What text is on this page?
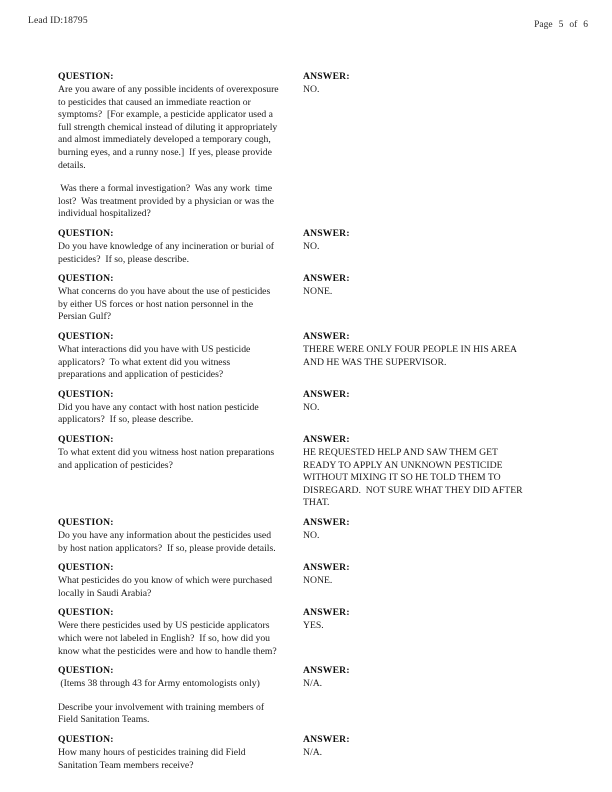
Lead ID:18795	Page 5 of 6
QUESTION:

Are you aware of any possible incidents of overexposure
to pesticides that caused an immediate reaction or
symptoms?  [For example, a pesticide applicator used a
full strength chemical instead of diluting it appropriately
and almost immediately developed a temporary cough,
burning eyes, and a runny nose.]  If yes, please provide
details.

Was there a formal investigation?  Was any work  time
lost?  Was treatment provided by a physician or was the
individual hospitalized?

ANSWER:

NO.

QUESTION:

Do you have knowledge of any incineration or burial of
pesticides?  If so, please describe.

ANSWER:

NO.

QUESTION:

What concerns do you have about the use of pesticides
by either US forces or host nation personnel in the
Persian Gulf?

ANSWER:

NONE.

QUESTION:

What interactions did you have with US pesticide
applicators?  To what extent did you witness
preparations and application of pesticides?

ANSWER:

THERE WERE ONLY FOUR PEOPLE IN HIS AREA
AND HE WAS THE SUPERVISOR.

QUESTION:

Did you have any contact with host nation pesticide
applicators?  If so, please describe.

ANSWER:

NO.

QUESTION:

To what extent did you witness host nation preparations
and application of pesticides?

ANSWER:

HE REQUESTED HELP AND SAW THEM GET
READY TO APPLY AN UNKNOWN PESTICIDE
WITHOUT MIXING IT SO HE TOLD THEM TO
DISREGARD.  NOT SURE WHAT THEY DID AFTER
THAT.

QUESTION:

Do you have any information about the pesticides used
by host nation applicators?  If so, please provide details.

ANSWER:

NO.

QUESTION:

What pesticides do you know of which were purchased
locally in Saudi Arabia?

ANSWER:

NONE.

QUESTION:

Were there pesticides used by US pesticide applicators
which were not labeled in English?  If so, how did you
know what the pesticides were and how to handle them?

ANSWER:

YES.

QUESTION:

(Items 38 through 43 for Army entomologists only)

Describe your involvement with training members of
Field Sanitation Teams.

ANSWER:

N/A.

QUESTION:

How many hours of pesticides training did Field
Sanitation Team members receive?

ANSWER:

N/A.
